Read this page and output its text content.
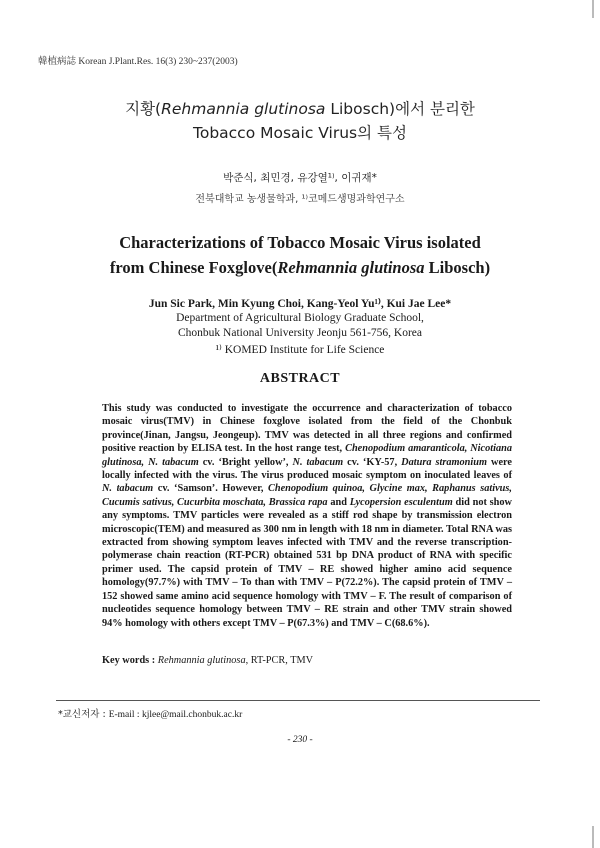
韓植病誌 Korean J.Plant.Res. 16(3) 230~237(2003)
지황(Rehmannia glutinosa Libosch)에서 분리한
Tobacco Mosaic Virus의 특성
박준식, 최민경, 유강열¹⁾, 이귀재*
전북대학교 농생물학과, ¹⁾코메드생명과학연구소
Characterizations of Tobacco Mosaic Virus isolated
from Chinese Foxglove(Rehmannia glutinosa Libosch)
Jun Sic Park, Min Kyung Choi, Kang-Yeol Yu¹⁾, Kui Jae Lee*
Department of Agricultural Biology Graduate School,
Chonbuk National University Jeonju 561-756, Korea
¹⁾ KOMED Institute for Life Science
ABSTRACT
This study was conducted to investigate the occurrence and characterization of tobacco mosaic virus(TMV) in Chinese foxglove isolated from the field of the Chonbuk province(Jinan, Jangsu, Jeongeup). TMV was detected in all three regions and confirmed positive reaction by ELISA test. In the host range test, Chenopodium amaranticola, Nicotiana glutinosa, N. tabacum cv. ‘Bright yellow’, N. tabacum cv. ‘KY-57, Datura stramonium were locally infected with the virus. The virus produced mosaic symptom on inoculated leaves of N. tabacum cv. ‘Samson’. However, Chenopodium quinoa, Glycine max, Raphanus sativus, Cucumis sativus, Cucurbita moschata, Brassica rapa and Lycopersion esculentum did not show any symptoms. TMV particles were revealed as a stiff rod shape by transmission electron microscopic(TEM) and measured as 300 nm in length with 18 nm in diameter. Total RNA was extracted from showing symptom leaves infected with TMV and the reverse transcription-polymerase chain reaction (RT-PCR) obtained 531 bp DNA product of RNA with specific primer used. The capsid protein of TMV – RE showed higher amino acid sequence homology(97.7%) with TMV – To than with TMV – P(72.2%). The capsid protein of TMV – 152 showed same amino acid sequence homology with TMV – F. The result of comparison of nucleotides sequence homology between TMV – RE strain and other TMV strain showed 94% homology with others except TMV – P(67.3%) and TMV – C(68.6%).
Key words : Rehmannia glutinosa, RT-PCR, TMV
*교신저자 : E-mail : kjlee@mail.chonbuk.ac.kr
- 230 -
